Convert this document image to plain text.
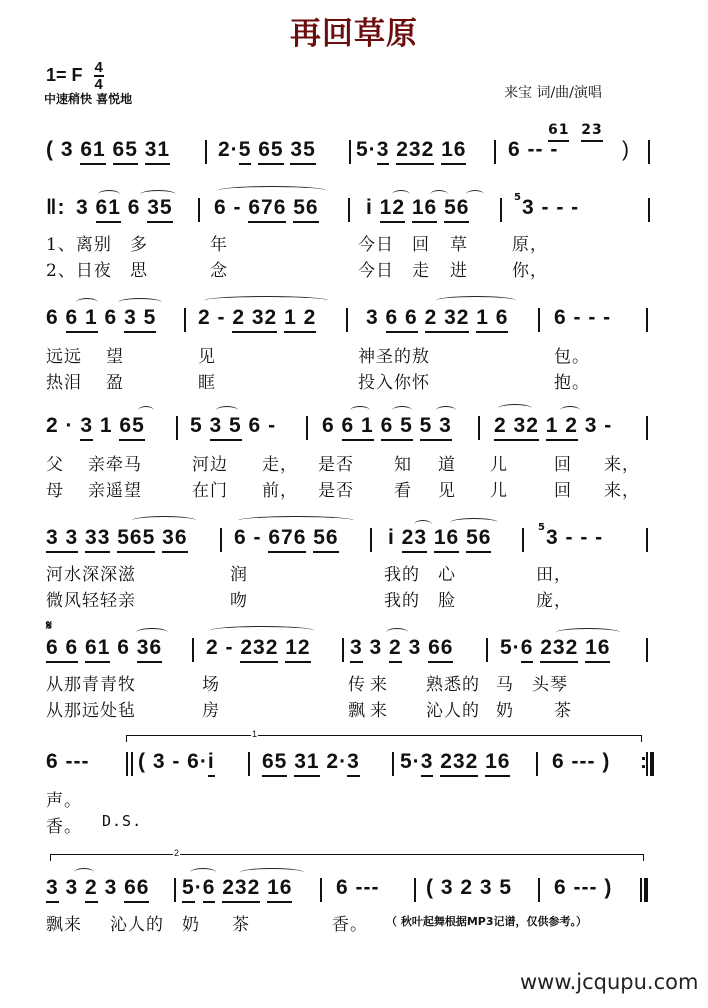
再回草原
1= F $\frac{4}{4}$
中速稍快 喜悦地	来宝 词/曲/演唱
( 3 61 65 31 2·5 65 35 5·3 232 16 6 -- -
61 23
)
‖: 3 61 6 35 6 - 676 56 i 12 16 56	5 3 - - -
1、离别 多	年	今日 回 草	原，
2、日夜 思	念	今日 走 进	你，
6 6 1 6 3 5 2 - 2 32 1 2 3 6 6 2 32 1 6 6 - - -
远远 望	见	神圣的敖	包。
热泪 盈	眶	投入你怀	抱。
2 · 3 1 65 5 3 5 6 - 6 6 1 6 5 5 3 2 32 1 2 3 -
父 亲牵马	河边 走， 是否 知 道 儿	回 来，
母 亲遥望	在门 前， 是否 看 见 儿	回 来，
3 3 33 565 36 6 - 676 56 i 23 16 56	5 3 - - -
河水深深滋	润	我的 心	田，
微风轻轻亲	吻	我的 脸	庞，
𝄋
6 6 61 6 36 2 - 232 12 3 3 2 3 66 5·6 232 16
从那青青牧	场	传 来 熟悉的 马 头琴
从那远处毡	房	飘 来 沁人的 奶 茶
1
6 --- ( 3 - 6·i 65 31 2·3 5·3 232 16 6 --- ) :
声。
香。 D.S.
2
3 3 2 3 66 5·6 232 16 6 --- ( 3 2 3 5 6 --- )
飘来 沁人的 奶 茶	香。 （ 秋叶起舞根据MP3记谱，仅供参考。）
www.jcqupu.com
